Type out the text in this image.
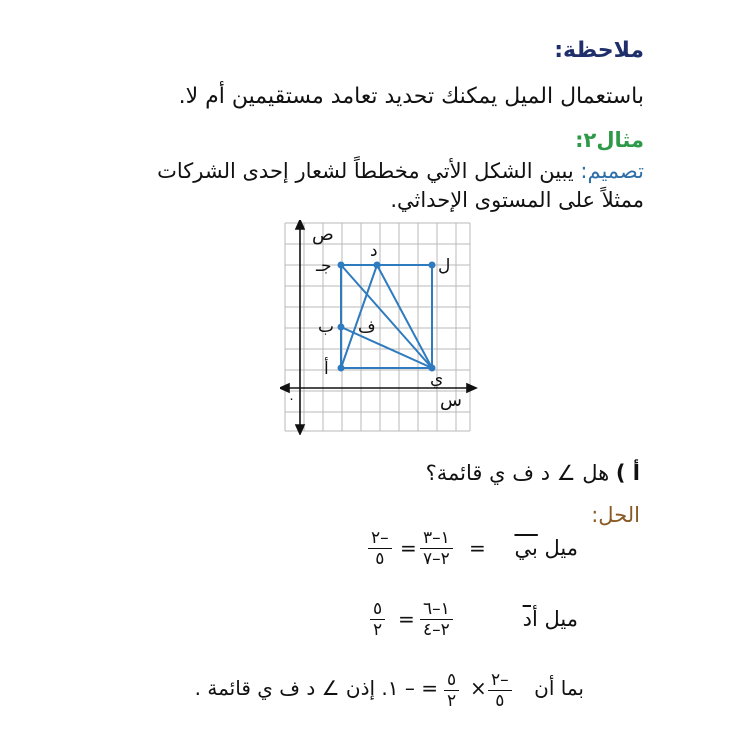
ملاحظة:
باستعمال الميل يمكنك تحديد تعامد مستقيمين أم لا.
مثال٢:
تصميم: يبين الشكل الأتي مخططاً لشعار إحدى الشركات
ممثلاً على المستوى الإحداثي.
ص
س
٠
أ
ب
جـ
د
ل
ف
ي
أ ) هل ∠ د ف ي قائمة؟
الحل:
ميل بي
=
١–٣
٢–٧
=
٢–
٥
ميل أد
١–٦
٢–٤
=
٥
٢
بما أن
٢–
٥
×
٥
٢
= – ١. إذن ∠ د ف ي قائمة .
